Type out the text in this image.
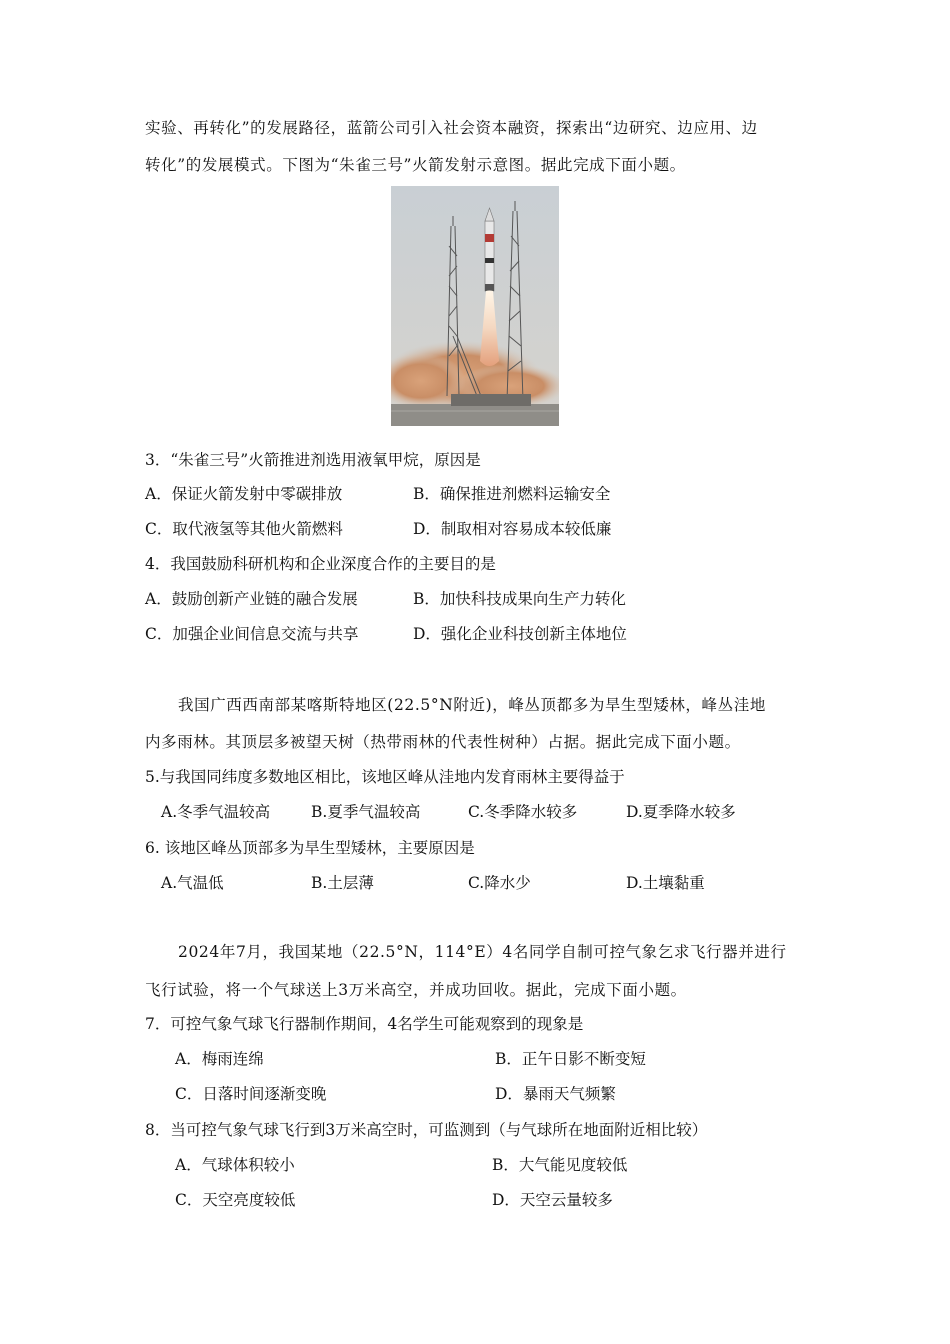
实验、再转化”的发展路径，蓝箭公司引入社会资本融资，探索出“边研究、边应用、边
转化”的发展模式。下图为“朱雀三号”火箭发射示意图。据此完成下面小题。
3．“朱雀三号”火箭推进剂选用液氧甲烷，原因是
A．保证火箭发射中零碳排放	B．确保推进剂燃料运输安全
C．取代液氢等其他火箭燃料	D．制取相对容易成本较低廉
4．我国鼓励科研机构和企业深度合作的主要目的是
A．鼓励创新产业链的融合发展	B．加快科技成果向生产力转化
C．加强企业间信息交流与共享	D．强化企业科技创新主体地位
我国广西西南部某喀斯特地区(22.5°N附近)，峰丛顶都多为旱生型矮林，峰丛洼地
内多雨林。其顶层多被望天树（热带雨林的代表性树种）占据。据此完成下面小题。
5.与我国同纬度多数地区相比，该地区峰从洼地内发育雨林主要得益于
A.冬季气温较高	B.夏季气温较高	C.冬季降水较多	D.夏季降水较多
6. 该地区峰丛顶部多为旱生型矮林，主要原因是
A.气温低	B.土层薄	C.降水少	D.土壤黏重
2024年7月，我国某地（22.5°N，114°E）4名同学自制可控气象乞求飞行器并进行
飞行试验，将一个气球送上3万米高空，并成功回收。据此，完成下面小题。
7．可控气象气球飞行器制作期间，4名学生可能观察到的现象是
A．梅雨连绵	B．正午日影不断变短
C．日落时间逐渐变晚	D．暴雨天气频繁
8．当可控气象气球飞行到3万米高空时，可监测到（与气球所在地面附近相比较）
A．气球体积较小	B．大气能见度较低
C．天空亮度较低	D．天空云量较多
